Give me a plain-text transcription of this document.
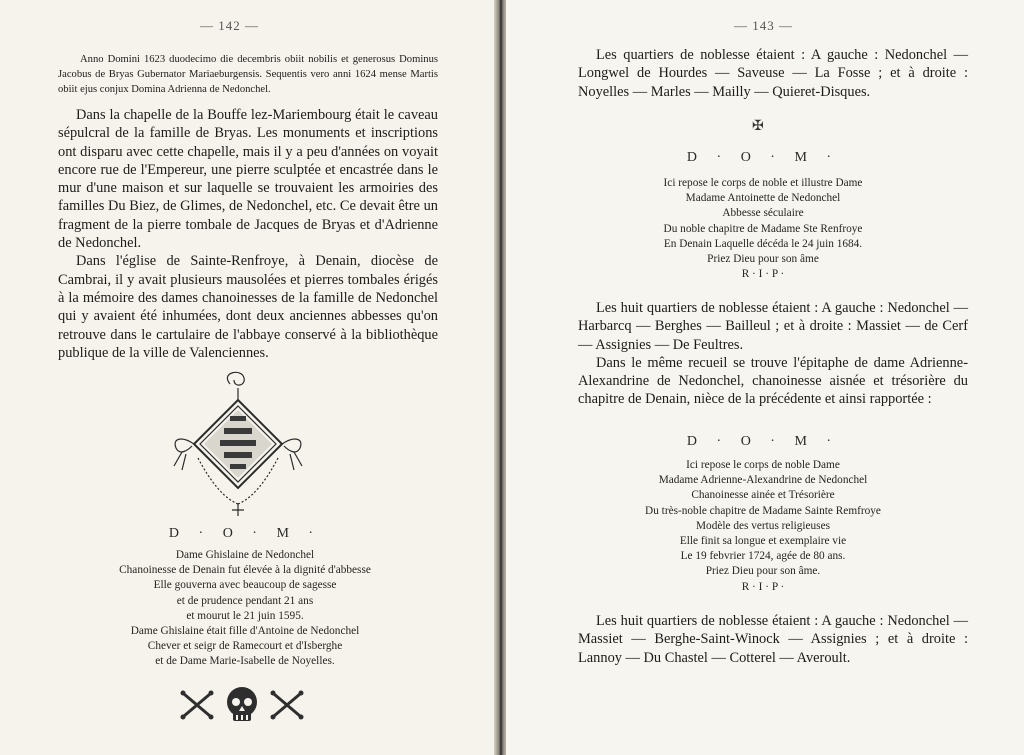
— 142 —

Anno Domini 1623 duodecimo die decembris obiit nobilis et generosus Dominus Jacobus de Bryas Gubernator Mariaeburgensis. Sequentis vero anni 1624 mense Martis obiit ejus conjux Domina Adrienna de Nedonchel.

Dans la chapelle de la Bouffe lez-Mariembourg était le caveau sépulcral de la famille de Bryas. Les monuments et inscriptions ont disparu avec cette chapelle, mais il y a peu d'années on voyait encore rue de l'Empereur, une pierre sculptée et encastrée dans le mur d'une maison et sur laquelle se trouvaient les armoiries des familles Du Biez, de Glimes, de Nedonchel, etc. Ce devait être un fragment de la pierre tombale de Jacques de Bryas et d'Adrienne de Nedonchel.

Dans l'église de Sainte-Renfroye, à Denain, diocèse de Cambrai, il y avait plusieurs mausolées et pierres tombales érigés à la mémoire des dames chanoinesses de la famille de Nedonchel qui y avaient été inhumées, dont deux anciennes abbesses qu'on retrouve dans le cartulaire de l'abbaye conservé à la bibliothèque publique de la ville de Valenciennes.

D · O · M ·
Dame Ghislaine de Nedonchel
Chanoinesse de Denain fut élevée à la dignité d'abbesse
Elle gouverna avec beaucoup de sagesse
et de prudence pendant 21 ans
et mourut le 21 juin 1595.
Dame Ghislaine était fille d'Antoine de Nedonchel
Chever et seigr de Ramecourt et d'Isberghe
et de Dame Marie-Isabelle de Noyelles.
— 143 —

Les quartiers de noblesse étaient : A gauche : Nedonchel — Longwel de Hourdes — Saveuse — La Fosse ; et à droite : Noyelles — Marles — Mailly — Quieret-Disques.

✠
D · O · M ·
Ici repose le corps de noble et illustre Dame
Madame Antoinette de Nedonchel
Abbesse séculaire
Du noble chapitre de Madame Ste Renfroye
En Denain Laquelle décéda le 24 juin 1684.
Priez Dieu pour son âme
R · I · P ·

Les huit quartiers de noblesse étaient : A gauche : Nedonchel — Harbarcq — Berghes — Bailleul ; et à droite : Massiet — de Cerf — Assignies — De Feultres.

Dans le même recueil se trouve l'épitaphe de dame Adrienne-Alexandrine de Nedonchel, chanoinesse aisnée et trésorière du chapitre de Denain, nièce de la précédente et ainsi rapportée :

D · O · M ·
Ici repose le corps de noble Dame
Madame Adrienne-Alexandrine de Nedonchel
Chanoinesse ainée et Trésorière
Du très-noble chapitre de Madame Sainte Remfroye
Modèle des vertus religieuses
Elle finit sa longue et exemplaire vie
Le 19 febvrier 1724, agée de 80 ans.
Priez Dieu pour son âme.
R · I · P ·

Les huit quartiers de noblesse étaient : A gauche : Nedonchel — Massiet — Berghe-Saint-Winock — Assignies ; et à droite : Lannoy — Du Chastel — Cotterel — Averoult.
